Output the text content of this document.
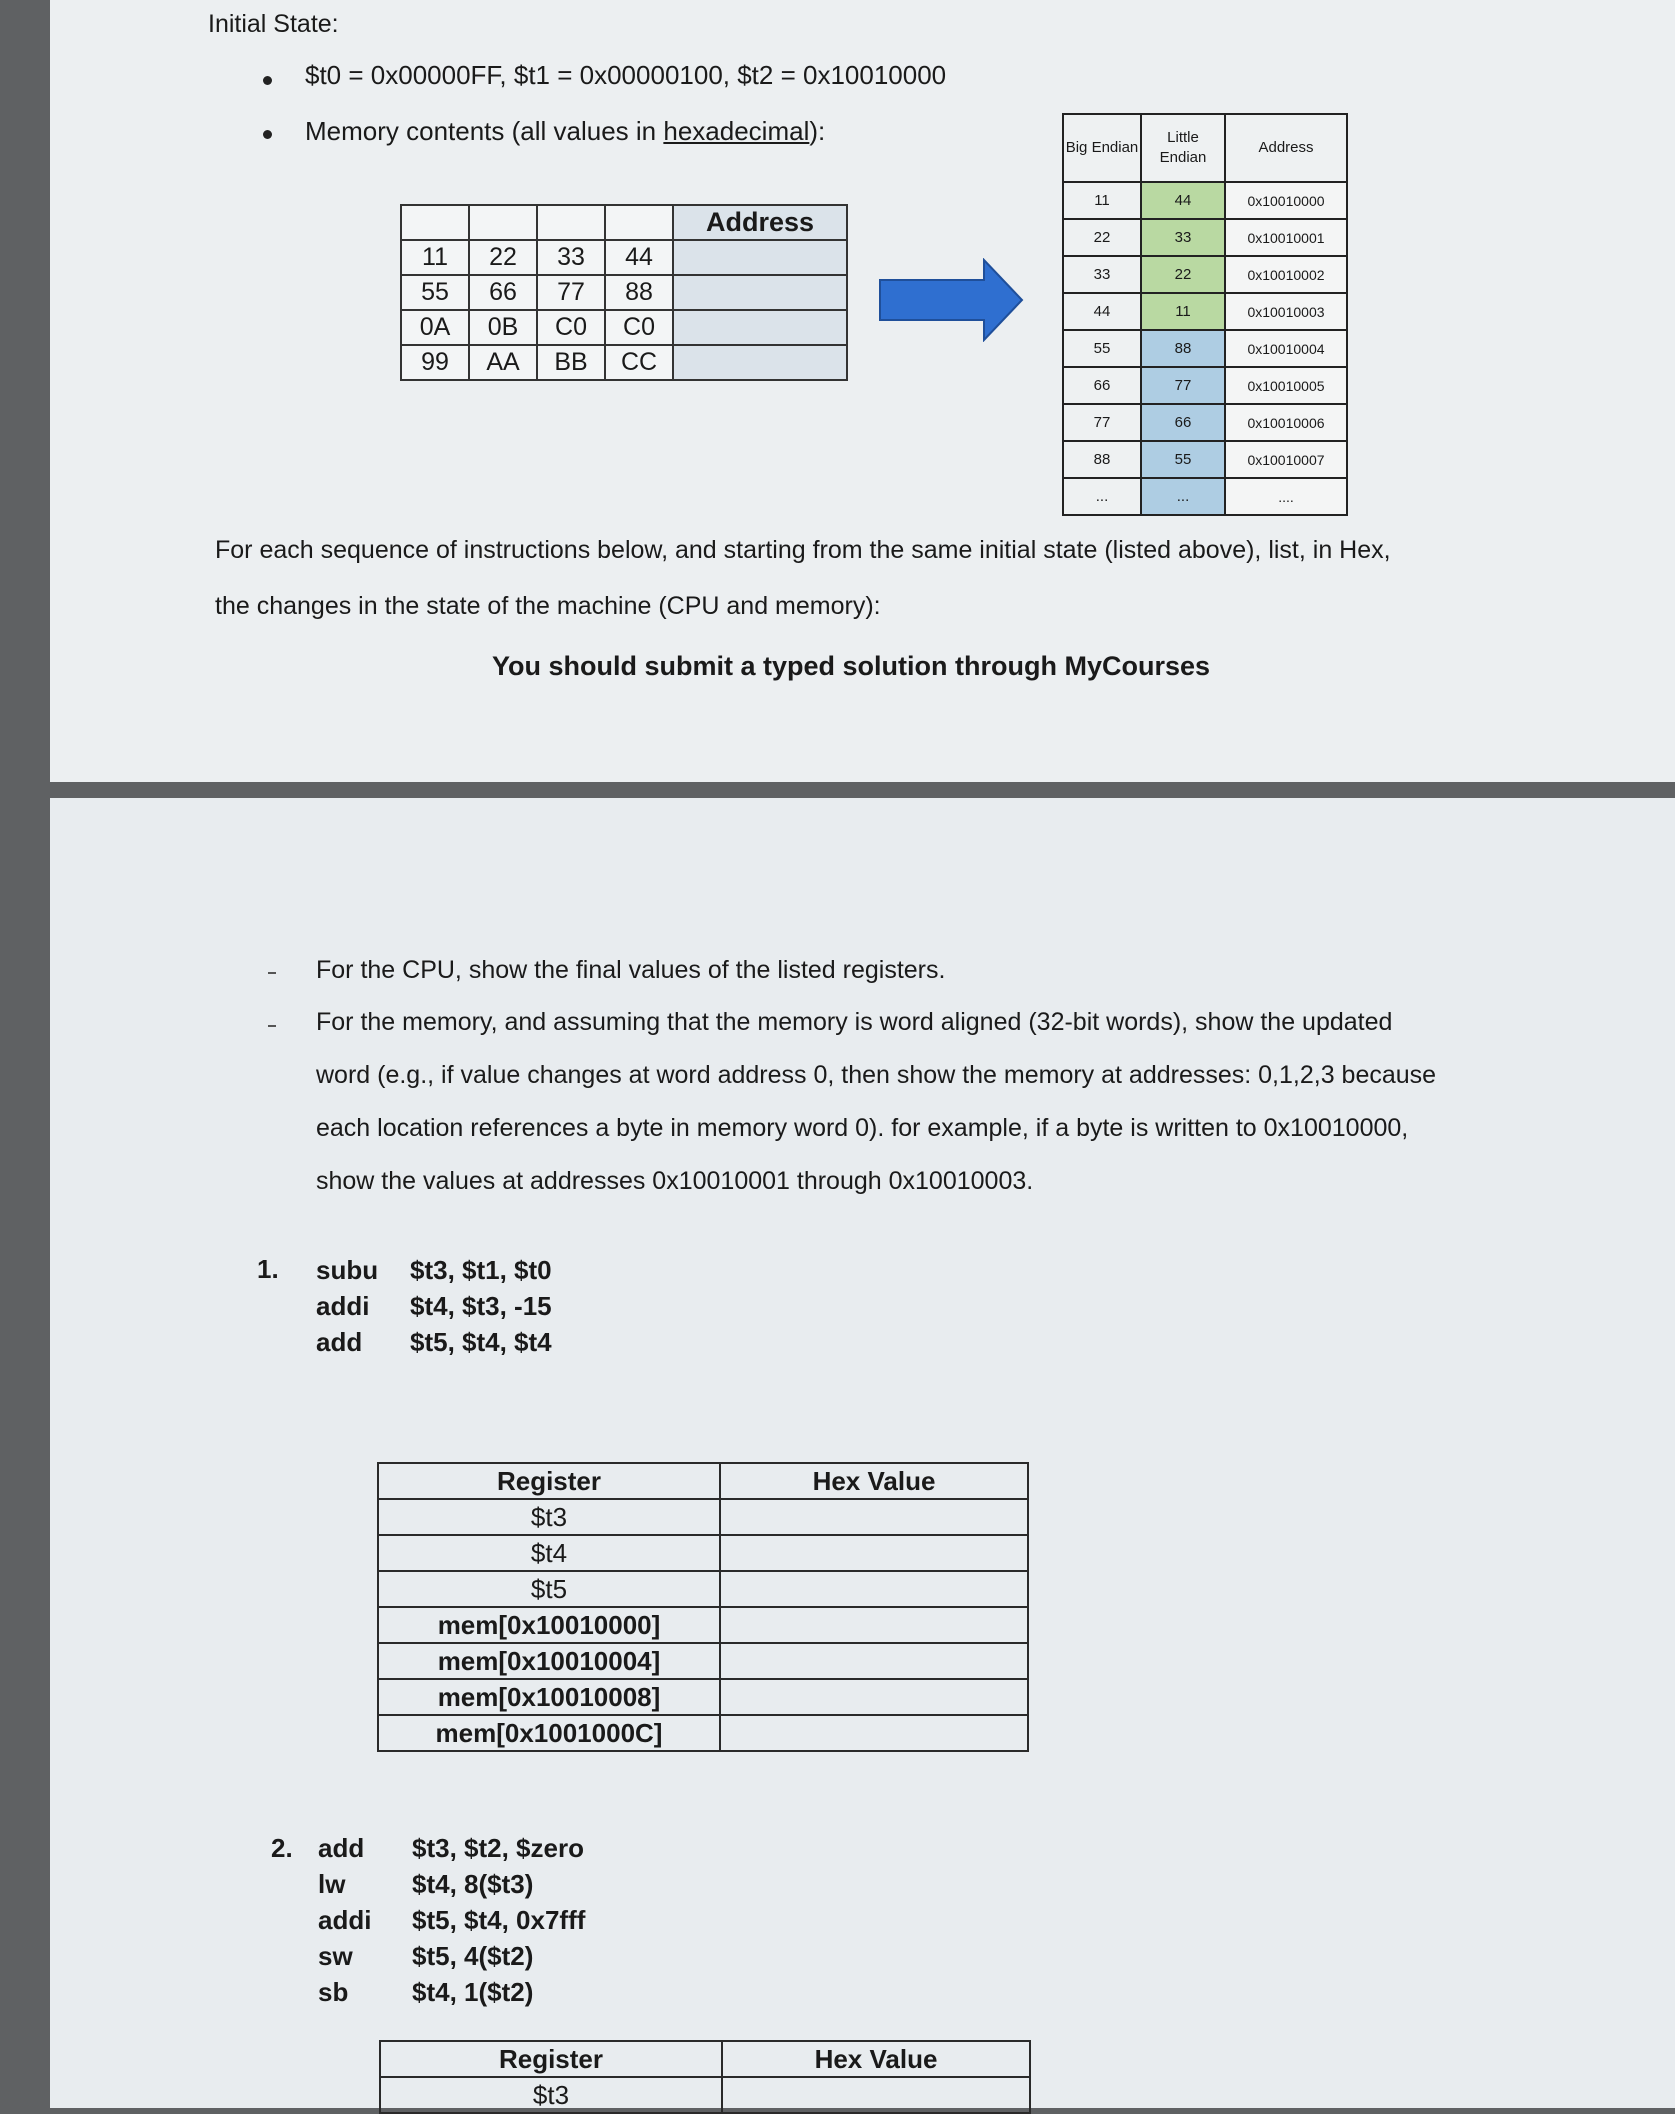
Initial State:
$t0 = 0x00000FF, $t1 = 0x00000100, $t2 = 0x10010000
Memory contents (all values in hexadecimal):
				Address
11	22	33	44	
55	66	77	88	
0A	0B	C0	C0	
99	AA	BB	CC	
Big Endian	Little Endian	Address
11	44	0x10010000
22	33	0x10010001
33	22	0x10010002
44	11	0x10010003
55	88	0x10010004
66	77	0x10010005
77	66	0x10010006
88	55	0x10010007
...	...	....
For each sequence of instructions below, and starting from the same initial state (listed above), list, in Hex,
the changes in the state of the machine (CPU and memory):
You should submit a typed solution through MyCourses
For the CPU, show the final values of the listed registers.
For the memory, and assuming that the memory is word aligned (32-bit words), show the updated
word (e.g., if value changes at word address 0, then show the memory at addresses: 0,1,2,3 because
each location references a byte in memory word 0). for example, if a byte is written to 0x10010000,
show the values at addresses 0x10010001 through 0x10010003.
1. subu $t3, $t1, $t0
addi $t4, $t3, -15
add $t5, $t4, $t4
Register	Hex Value
$t3	
$t4	
$t5	
mem[0x10010000]	
mem[0x10010004]	
mem[0x10010008]	
mem[0x1001000C]	
2. add $t3, $t2, $zero
lw	$t4, 8($t3)
addi $t5, $t4, 0x7fff
sw $t5, 4($t2)
sb $t4, 1($t2)
Register	Hex Value
$t3	
